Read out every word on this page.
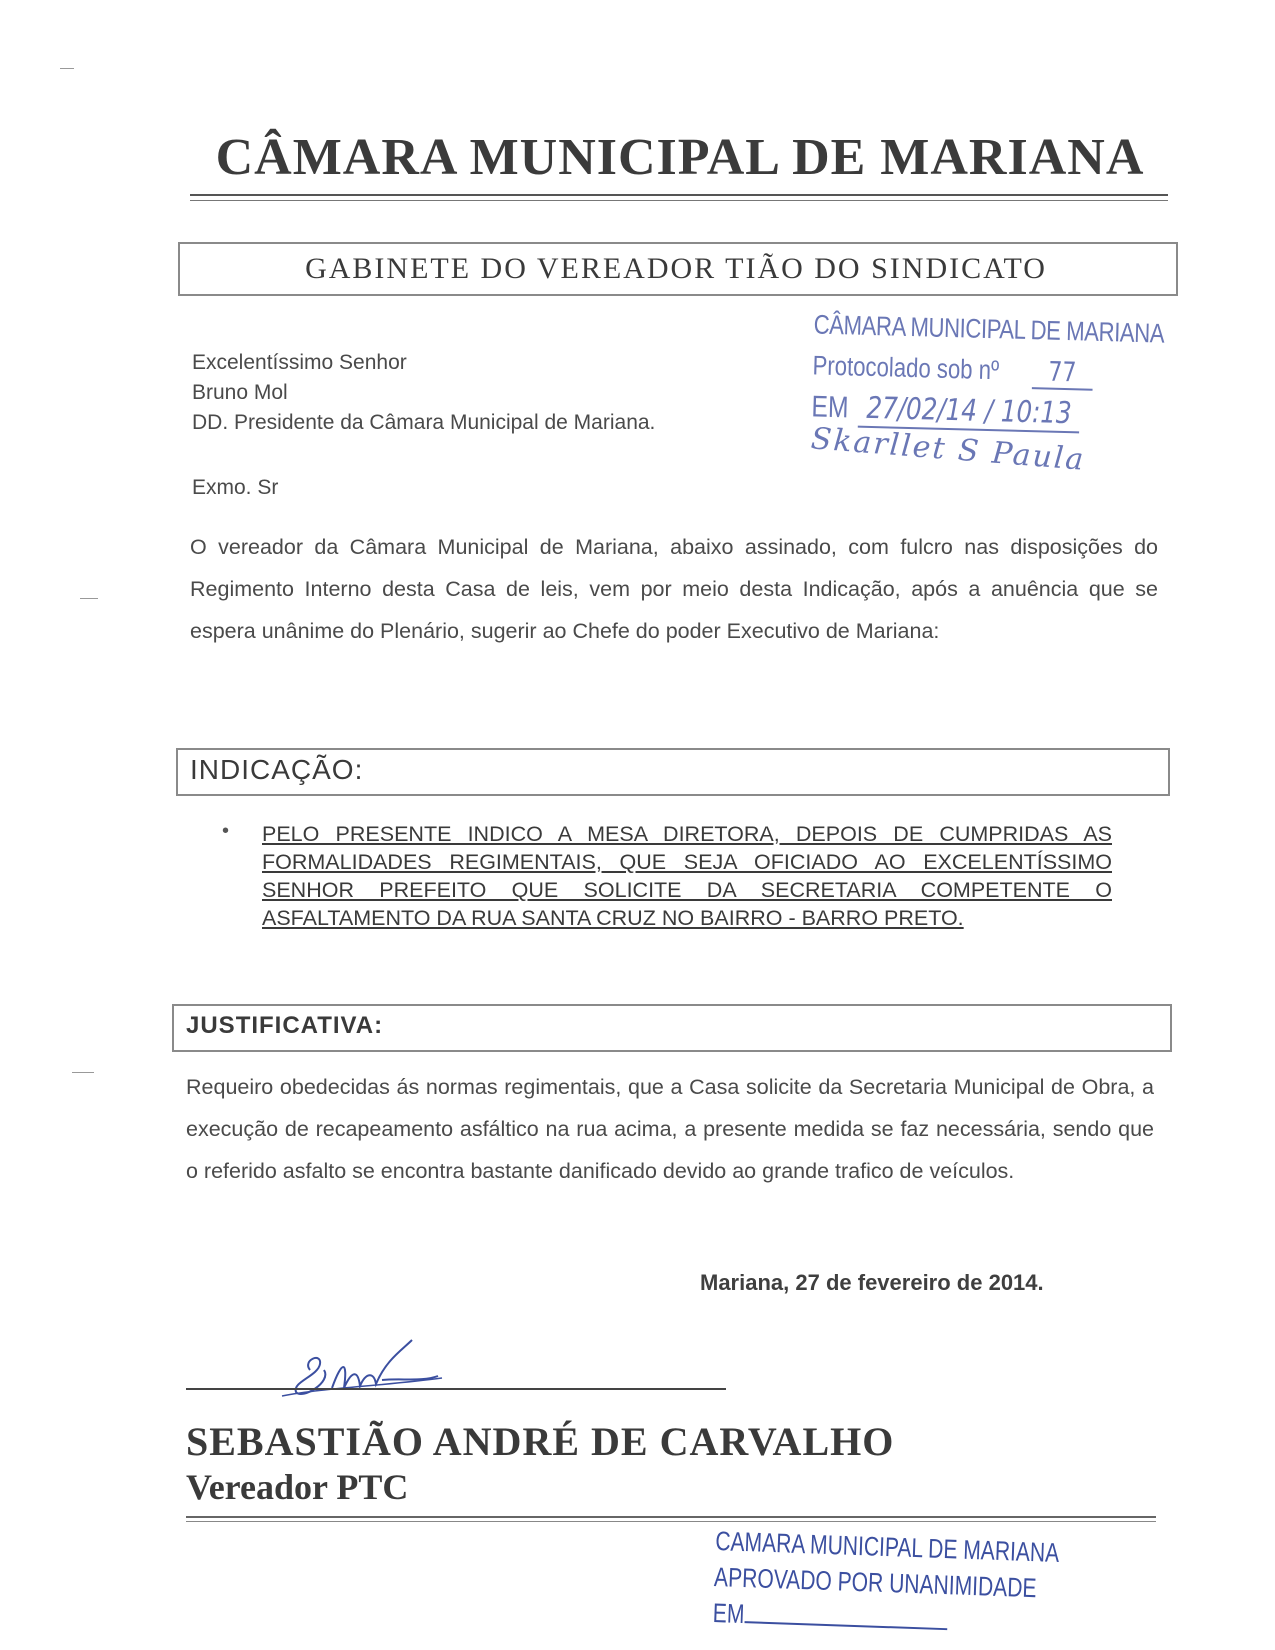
CÂMARA MUNICIPAL DE MARIANA
GABINETE DO VEREADOR TIÃO DO SINDICATO
Excelentíssimo Senhor
Bruno Mol
DD. Presidente da Câmara Municipal de Mariana.
Exmo. Sr
CÂMARA MUNICIPAL DE MARIANA
Protocolado sob nº 77
EM 27/02/14 / 10:13
Skarllet S Paula
O vereador da Câmara Municipal de Mariana, abaixo assinado, com fulcro nas disposições do Regimento Interno desta Casa de leis, vem por meio desta Indicação, após a anuência que se espera unânime do Plenário, sugerir ao Chefe do poder Executivo de Mariana:
INDICAÇÃO:
• PELO PRESENTE INDICO A MESA DIRETORA, DEPOIS DE CUMPRIDAS AS FORMALIDADES REGIMENTAIS, QUE SEJA OFICIADO AO EXCELENTÍSSIMO SENHOR PREFEITO QUE SOLICITE DA SECRETARIA COMPETENTE O ASFALTAMENTO DA RUA SANTA CRUZ NO BAIRRO - BARRO PRETO.
JUSTIFICATIVA:
Requeiro obedecidas ás normas regimentais, que a Casa solicite da Secretaria Municipal de Obra, a execução de recapeamento asfáltico na rua acima, a presente medida se faz necessária, sendo que o referido asfalto se encontra bastante danificado devido ao grande trafico de veículos.
Mariana, 27 de fevereiro de 2014.
SEBASTIÃO ANDRÉ DE CARVALHO
Vereador PTC
CAMARA MUNICIPAL DE MARIANA
APROVADO POR UNANIMIDADE
EM
